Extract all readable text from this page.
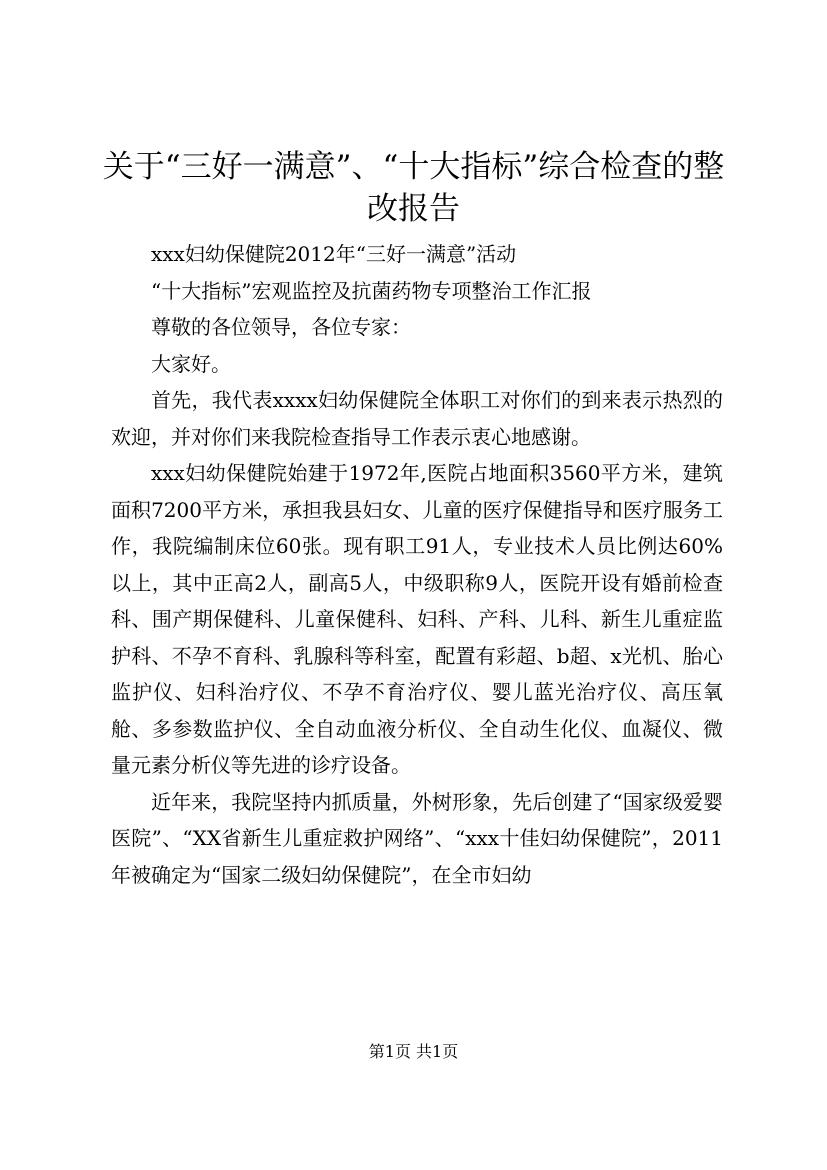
关于“三好一满意”、“十大指标”综合检查的整改报告

xxx妇幼保健院2012年“三好一满意”活动

“十大指标”宏观监控及抗菌药物专项整治工作汇报

尊敬的各位领导，各位专家：

大家好。

首先，我代表xxxx妇幼保健院全体职工对你们的到来表示热烈的欢迎，并对你们来我院检查指导工作表示衷心地感谢。

xxx妇幼保健院始建于1972年,医院占地面积3560平方米，建筑面积7200平方米，承担我县妇女、儿童的医疗保健指导和医疗服务工作，我院编制床位60张。现有职工91人，专业技术人员比例达60%以上，其中正高2人，副高5人，中级职称9人，医院开设有婚前检查科、围产期保健科、儿童保健科、妇科、产科、儿科、新生儿重症监护科、不孕不育科、乳腺科等科室，配置有彩超、b超、x光机、胎心监护仪、妇科治疗仪、不孕不育治疗仪、婴儿蓝光治疗仪、高压氧舱、多参数监护仪、全自动血液分析仪、全自动生化仪、血凝仪、微量元素分析仪等先进的诊疗设备。

近年来，我院坚持内抓质量，外树形象，先后创建了“国家级爱婴医院”、“XX省新生儿重症救护网络”、“xxx十佳妇幼保健院”，2011年被确定为“国家二级妇幼保健院”，在全市妇幼

第1页 共1页
